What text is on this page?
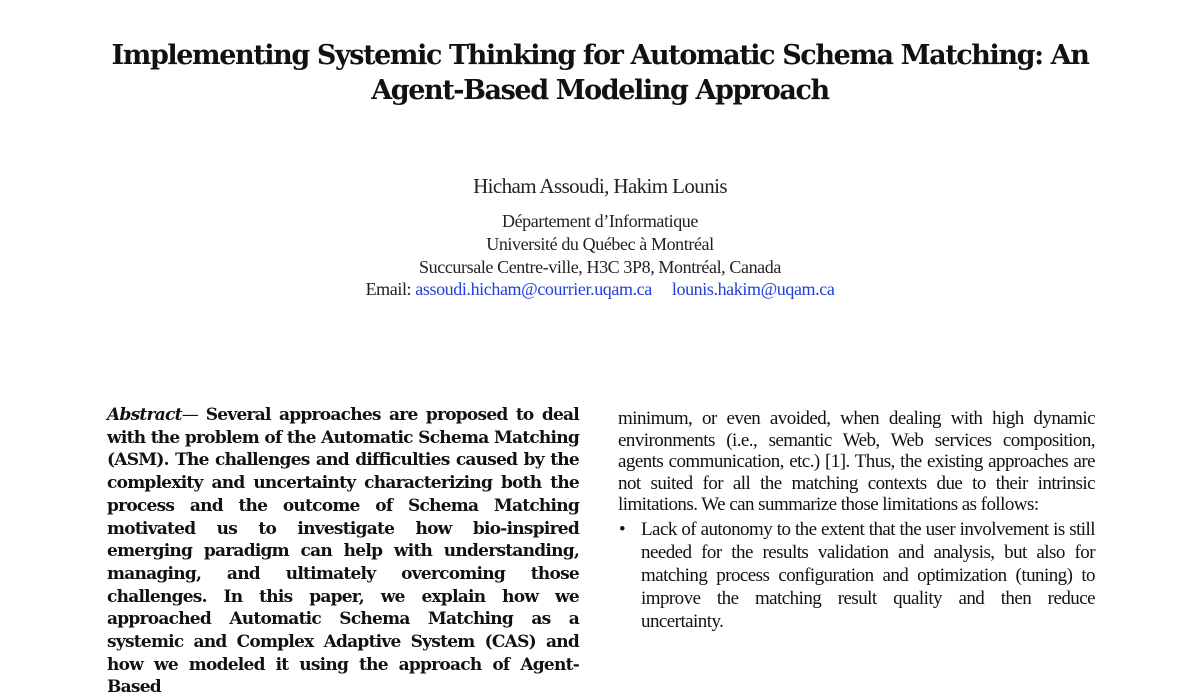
Implementing Systemic Thinking for Automatic Schema Matching: An Agent-Based Modeling Approach
Hicham Assoudi, Hakim Lounis
Département d’Informatique
Université du Québec à Montréal
Succursale Centre-ville, H3C 3P8, Montréal, Canada
Email: assoudi.hicham@courrier.uqam.ca lounis.hakim@uqam.ca
Abstract— Several approaches are proposed to deal with the problem of the Automatic Schema Matching (ASM). The challenges and difficulties caused by the complexity and uncertainty characterizing both the process and the outcome of Schema Matching motivated us to investigate how bio-inspired emerging paradigm can help with understanding, managing, and ultimately overcoming those challenges. In this paper, we explain how we approached Automatic Schema Matching as a systemic and Complex Adaptive System (CAS) and how we modeled it using the approach of Agent-Based

minimum, or even avoided, when dealing with high dynamic environments (i.e., semantic Web, Web services composition, agents communication, etc.) [1]. Thus, the existing approaches are not suited for all the matching contexts due to their intrinsic limitations. We can summarize those limitations as follows:

• Lack of autonomy to the extent that the user involvement is still needed for the results validation and analysis, but also for matching process configuration and optimization (tuning) to improve the matching result quality and then reduce uncertainty.
